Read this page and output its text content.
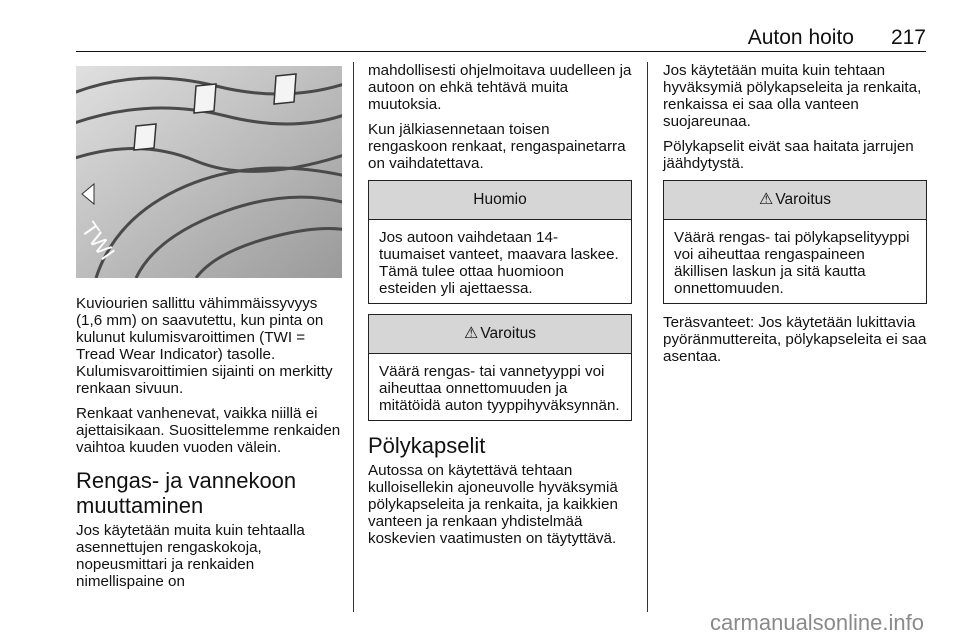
Auton hoito 217
TWI

Kuviourien sallittu vähimmäissyvyys (1,6 mm) on saavutettu, kun pinta on kulunut kulumisvaroittimen (TWI = Tread Wear Indicator) tasolle. Kulumisvaroittimien sijainti on merkitty renkaan sivuun.

Renkaat vanhenevat, vaikka niillä ei ajettaisikaan. Suosittelemme renkaiden vaihtoa kuuden vuoden välein.

Rengas- ja vannekoon muuttaminen

Jos käytetään muita kuin tehtaalla asennettujen rengaskokoja, nopeusmittari ja renkaiden nimellispaine on

mahdollisesti ohjelmoitava uudelleen ja autoon on ehkä tehtävä muita muutoksia.

Kun jälkiasennetaan toisen rengaskoon renkaat, rengaspainetarra on vaihdatettava.

Huomio

Jos autoon vaihdetaan 14-tuumaiset vanteet, maavara laskee. Tämä tulee ottaa huomioon esteiden yli ajettaessa.

⚠ Varoitus

Väärä rengas- tai vannetyyppi voi aiheuttaa onnettomuuden ja mitätöidä auton tyyppihyväksynnän.

Pölykapselit

Autossa on käytettävä tehtaan kulloisellekin ajoneuvolle hyväksymiä pölykapseleita ja renkaita, ja kaikkien vanteen ja renkaan yhdistelmää koskevien vaatimusten on täytyttävä.

Jos käytetään muita kuin tehtaan hyväksymiä pölykapseleita ja renkaita, renkaissa ei saa olla vanteen suojareunaa.

Pölykapselit eivät saa haitata jarrujen jäähdytystä.

⚠ Varoitus

Väärä rengas- tai pölykapselityyppi voi aiheuttaa rengaspaineen äkillisen laskun ja sitä kautta onnettomuuden.

Teräsvanteet: Jos käytetään lukittavia pyöränmuttereita, pölykapseleita ei saa asentaa.

carmanualsonline.info
